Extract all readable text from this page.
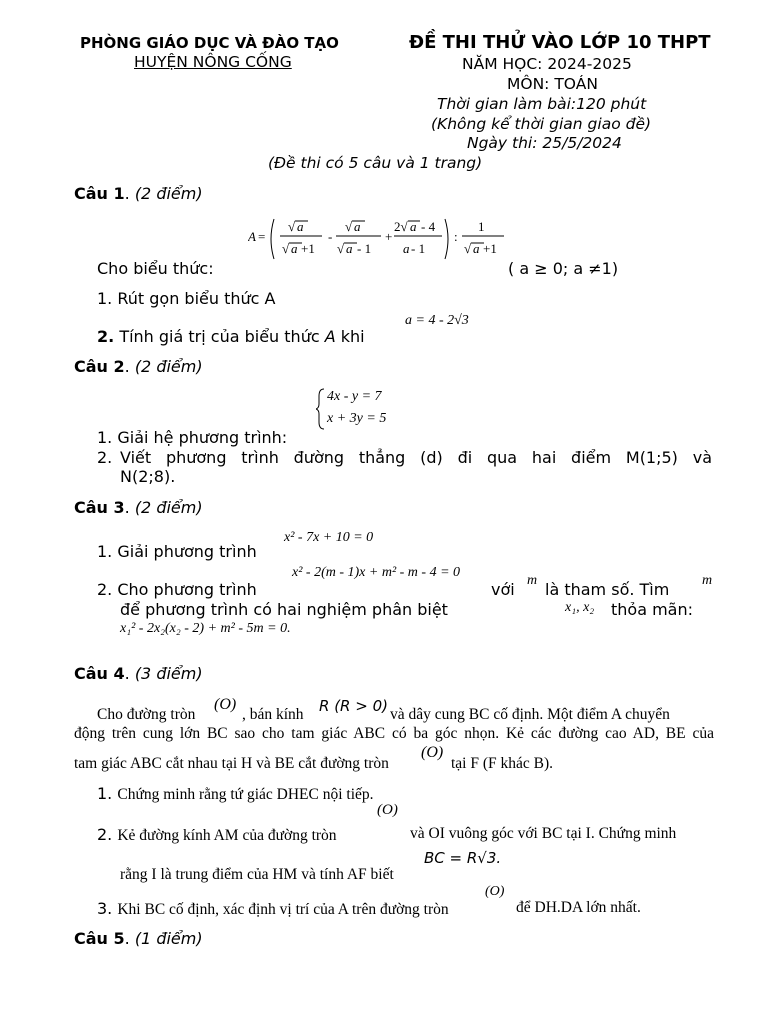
PHÒNG GIÁO DỤC VÀ ĐÀO TẠO
HUYỆN NÔNG CỐNG
ĐỀ THI THỬ VÀO LỚP 10 THPT
NĂM HỌC: 2024-2025
MÔN: TOÁN
Thời gian làm bài:120 phút
(Không kể thời gian giao đề)
Ngày thi: 25/5/2024
(Đề thi có 5 câu và 1 trang)
Câu 1. (2 điểm)
A =
√ a
√ a +1
-
√ a
√ a - 1
+
2√ a - 4
a - 1
:
1
√ a +1
Cho biểu thức:	( a ≥ 0; a ≠1)
1. Rút gọn biểu thức A
2. Tính giá trị của biểu thức A khi
a = 4 - 2√3
Câu 2. (2 điểm)
4x - y = 7
x + 3y = 5
1. Giải hệ phương trình:
2. Viết phương trình đường thẳng (d) đi qua hai điểm M(1;5) và
N(2;8).
Câu 3. (2 điểm)
1. Giải phương trình
x² - 7x + 10 = 0
2. Cho phương trình
x² - 2(m - 1)x + m² - m - 4 = 0
với m là tham số. Tìm m
để phương trình có hai nghiệm phân biệt	x₁, x₂ thỏa mãn:
x₁² - 2x₂(x₂ - 2) + m² - 5m = 0.
Câu 4. (3 điểm)
Cho đường tròn
(O)
, bán kính R (R > 0) và dây cung BC cố định. Một điểm A chuyển
động trên cung lớn BC sao cho tam giác ABC có ba góc nhọn. Kẻ các đường cao AD, BE của
tam giác ABC cắt nhau tại H và BE cắt đường tròn
(O)
tại F (F khác B).
1. Chứng minh rằng tứ giác DHEC nội tiếp.
(O)
2. Kẻ đường kính AM của đường tròn	và OI vuông góc với BC tại I. Chứng minh
rằng I là trung điểm của HM và tính AF biết
BC = R√3.
(O)
3. Khi BC cố định, xác định vị trí của A trên đường tròn	để DH.DA lớn nhất.
Câu 5. (1 điểm)
